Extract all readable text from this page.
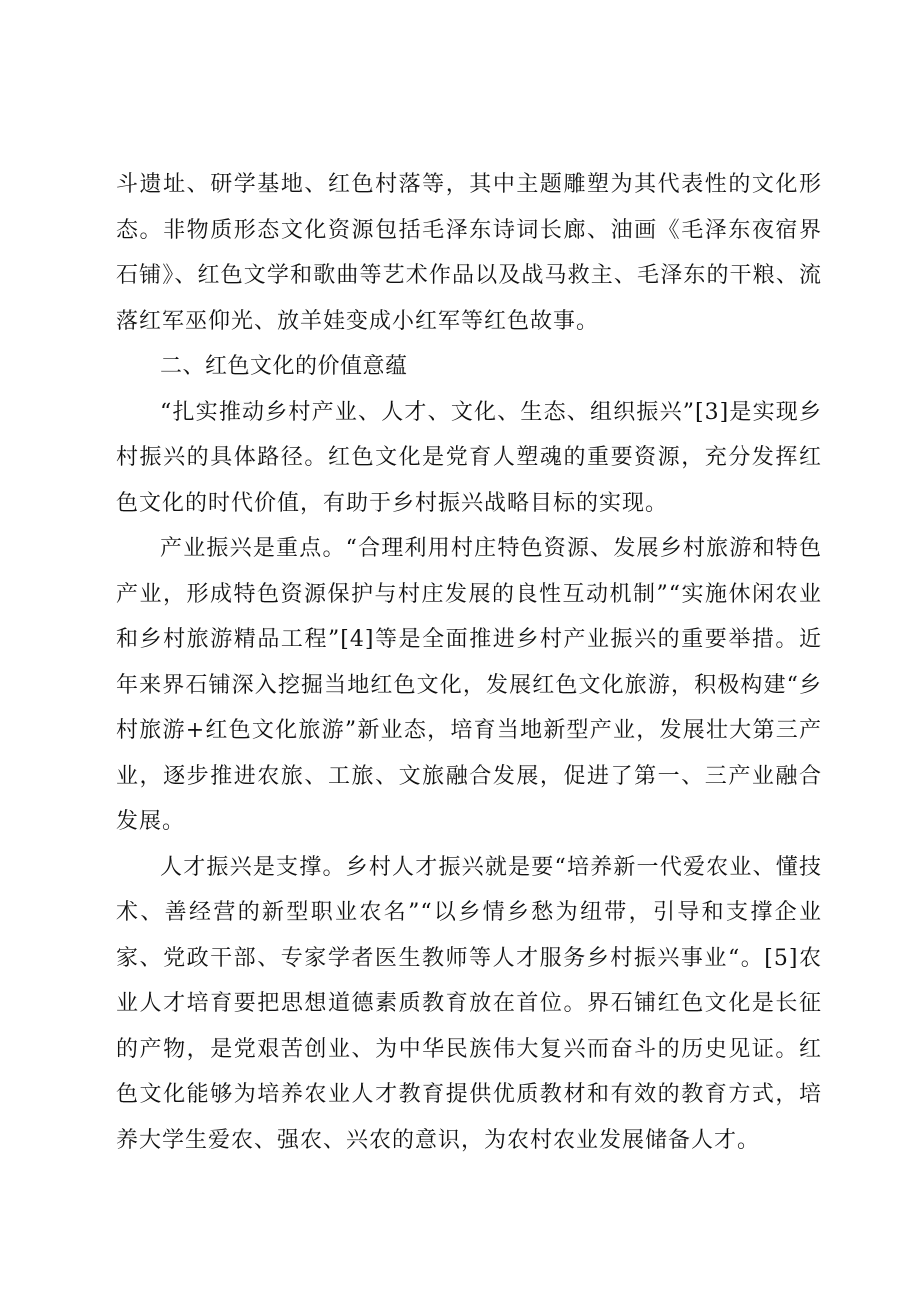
斗遗址、研学基地、红色村落等，其中主题雕塑为其代表性的文化形态。非物质形态文化资源包括毛泽东诗词长廊、油画《毛泽东夜宿界石铺》、红色文学和歌曲等艺术作品以及战马救主、毛泽东的干粮、流落红军巫仰光、放羊娃变成小红军等红色故事。

二、红色文化的价值意蕴

“扎实推动乡村产业、人才、文化、生态、组织振兴”[3]是实现乡村振兴的具体路径。红色文化是党育人塑魂的重要资源，充分发挥红色文化的时代价值，有助于乡村振兴战略目标的实现。

产业振兴是重点。“合理利用村庄特色资源、发展乡村旅游和特色产业，形成特色资源保护与村庄发展的良性互动机制”“实施休闲农业和乡村旅游精品工程”[4]等是全面推进乡村产业振兴的重要举措。近年来界石铺深入挖掘当地红色文化，发展红色文化旅游，积极构建“乡村旅游+红色文化旅游”新业态，培育当地新型产业，发展壮大第三产业，逐步推进农旅、工旅、文旅融合发展，促进了第一、三产业融合发展。

人才振兴是支撑。乡村人才振兴就是要“培养新一代爱农业、懂技术、善经营的新型职业农名”“以乡情乡愁为纽带，引导和支撑企业家、党政干部、专家学者医生教师等人才服务乡村振兴事业“。[5]农业人才培育要把思想道德素质教育放在首位。界石铺红色文化是长征的产物，是党艰苦创业、为中华民族伟大复兴而奋斗的历史见证。红色文化能够为培养农业人才教育提供优质教材和有效的教育方式，培养大学生爱农、强农、兴农的意识，为农村农业发展储备人才。
